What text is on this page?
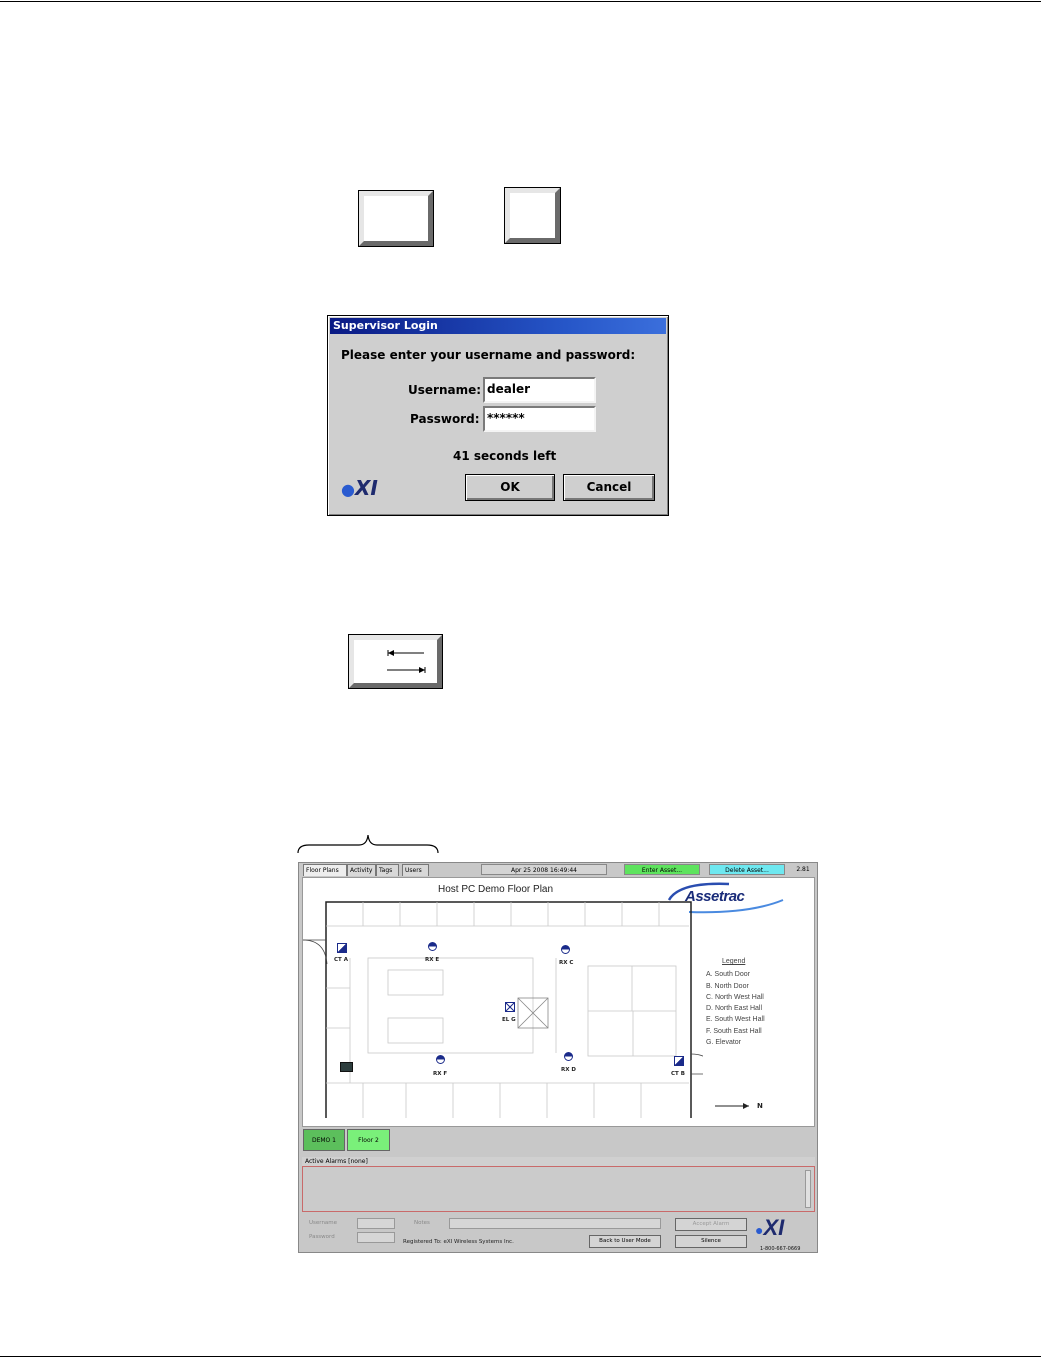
Supervisor Login
Please enter your username and password:
Username: dealer
Password: ******
41 seconds left
●XI	OK	Cancel
Floor Plans	Activity	Tags	Users	Apr 25 2008 16:49:44	Enter Asset...	Delete Asset...	2.81
Host PC Demo Floor Plan	Assetrac
CT A	RX E	RX C
EL G
RX F
RX D
CT B
Legend
A. South Door
B. North Door
C. North West Hall
D. North East Hall
E. South West Hall
F. South East Hall
G. Elevator
N
DEMO 1	Floor 2
Active Alarms [none]
Username
Password
Notes
Registered To: eXI Wireless Systems Inc.	Back to User Mode
Accept Alarm
Silence
●XI
1-800-667-0669
